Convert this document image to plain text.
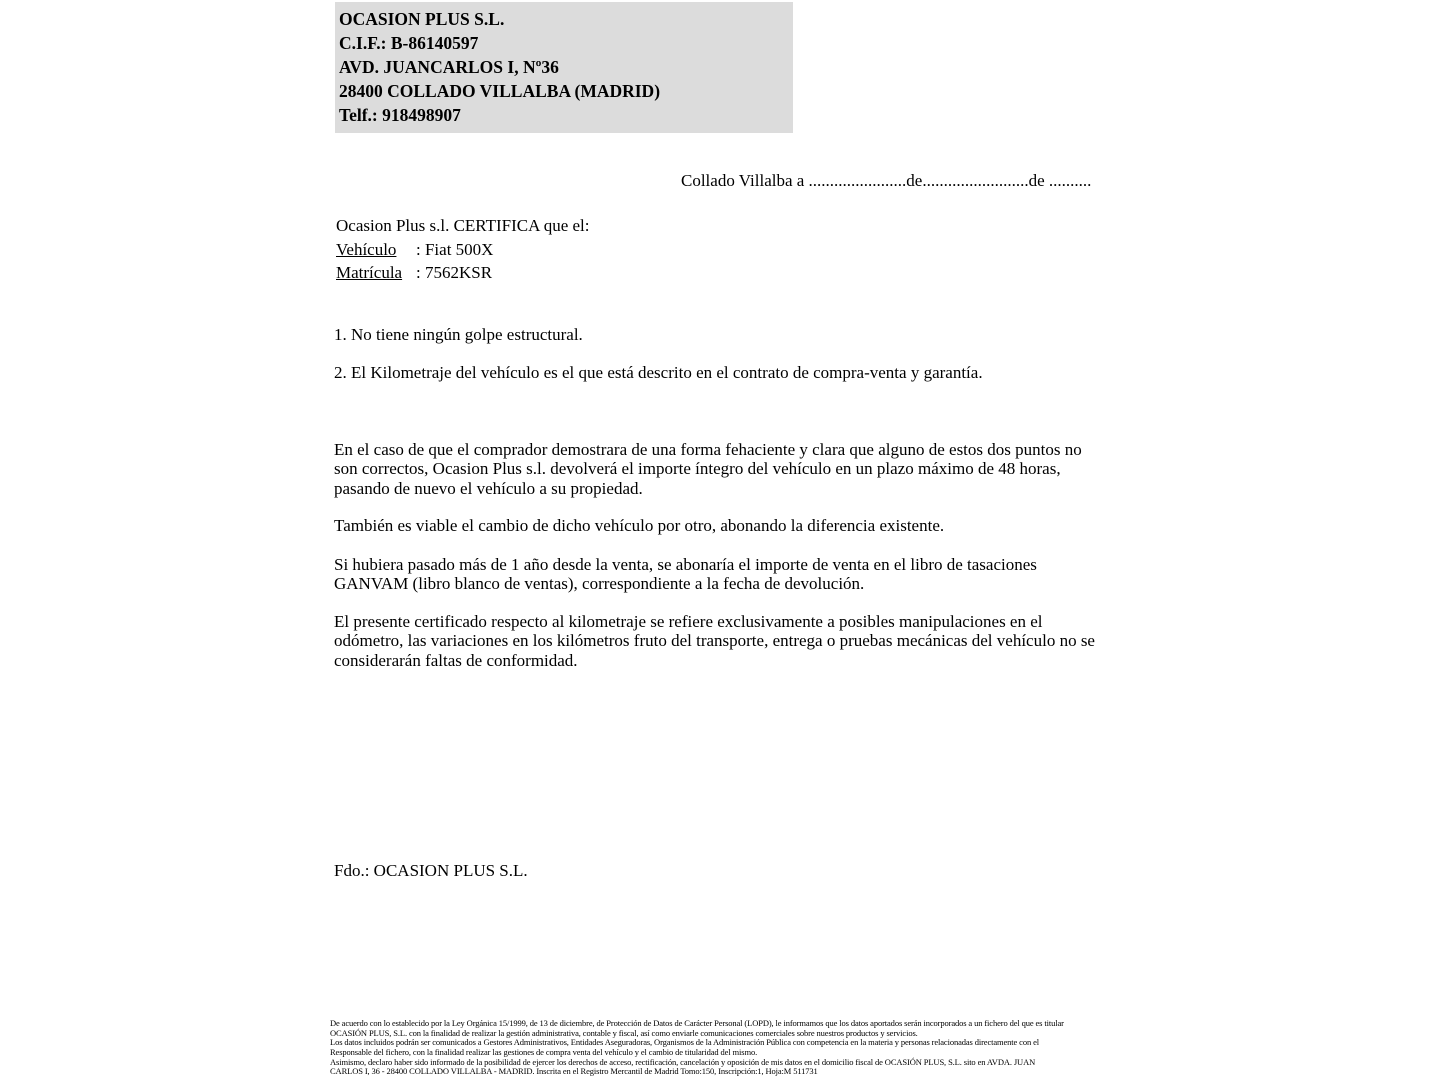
OCASION PLUS S.L.
C.I.F.: B-86140597
AVD. JUANCARLOS I, Nº36
28400 COLLADO VILLALBA (MADRID)
Telf.: 918498907
Collado Villalba a .......................de.........................de ..........
Ocasion Plus s.l. CERTIFICA que el:
Vehículo : Fiat 500X
Matrícula : 7562KSR
1. No tiene ningún golpe estructural.
2. El Kilometraje del vehículo es el que está descrito en el contrato de compra-venta y garantía.
En el caso de que el comprador demostrara de una forma fehaciente y clara que alguno de estos dos puntos no son correctos, Ocasion Plus s.l. devolverá el importe íntegro del vehículo en un plazo máximo de 48 horas, pasando de nuevo el vehículo a su propiedad.
También es viable el cambio de dicho vehículo por otro, abonando la diferencia existente.
Si hubiera pasado más de 1 año desde la venta, se abonaría el importe de venta en el libro de tasaciones GANVAM (libro blanco de ventas), correspondiente a la fecha de devolución.
El presente certificado respecto al kilometraje se refiere exclusivamente a posibles manipulaciones en el odómetro, las variaciones en los kilómetros fruto del transporte, entrega o pruebas mecánicas del vehículo no se considerarán faltas de conformidad.
Fdo.: OCASION PLUS S.L.
De acuerdo con lo establecido por la Ley Orgánica 15/1999, de 13 de diciembre, de Protección de Datos de Carácter Personal (LOPD), le informamos que los datos aportados serán incorporados a un fichero del que es titular
OCASIÓN PLUS, S.L. con la finalidad de realizar la gestión administrativa, contable y fiscal, así como enviarle comunicaciones comerciales sobre nuestros productos y servicios.
Los datos incluidos podrán ser comunicados a Gestores Administrativos, Entidades Aseguradoras, Organismos de la Administración Pública con competencia en la materia y personas relacionadas directamente con el
Responsable del fichero, con la finalidad realizar las gestiones de compra venta del vehículo y el cambio de titularidad del mismo.
Asimismo, declaro haber sido informado de la posibilidad de ejercer los derechos de acceso, rectificación, cancelación y oposición de mis datos en el domicilio fiscal de OCASIÓN PLUS, S.L. sito en AVDA. JUAN
CARLOS I, 36 - 28400 COLLADO VILLALBA - MADRID. Inscrita en el Registro Mercantil de Madrid Tomo:150, Inscripción:1, Hoja:M 511731
